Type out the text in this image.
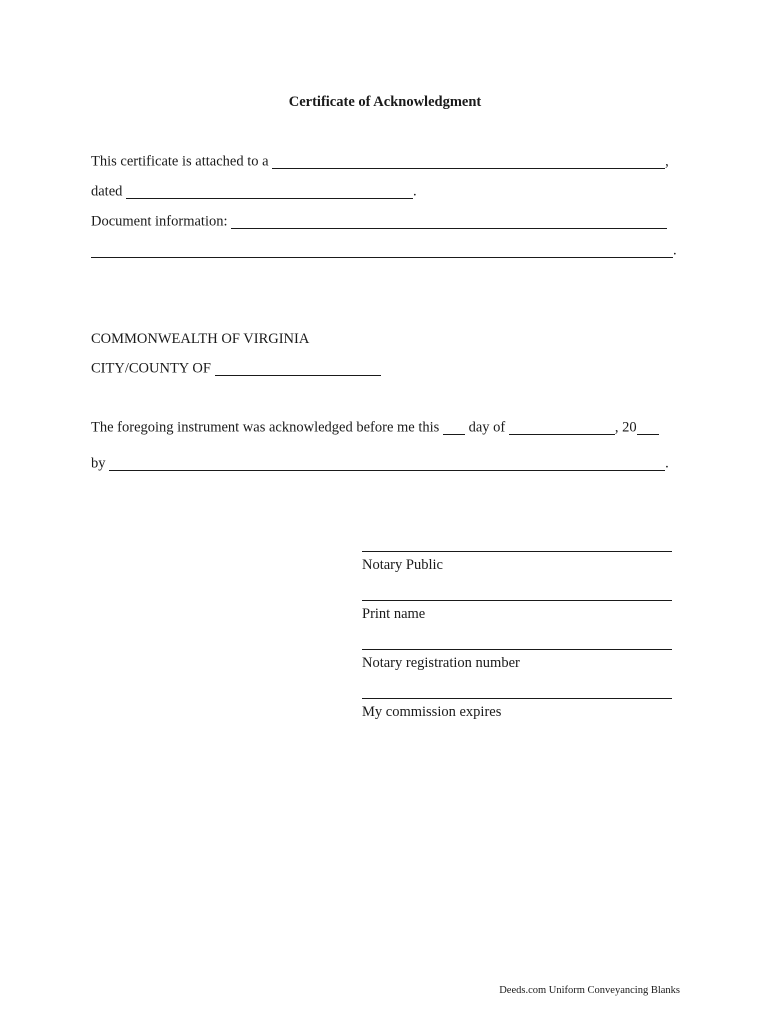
Certificate of Acknowledgment
This certificate is attached to a	,
dated	.
Document information:
.
COMMONWEALTH OF VIRGINIA
CITY/COUNTY OF
The foregoing instrument was acknowledged before me this day of	, 20
by	.
Notary Public
Print name
Notary registration number
My commission expires
Deeds.com Uniform Conveyancing Blanks
